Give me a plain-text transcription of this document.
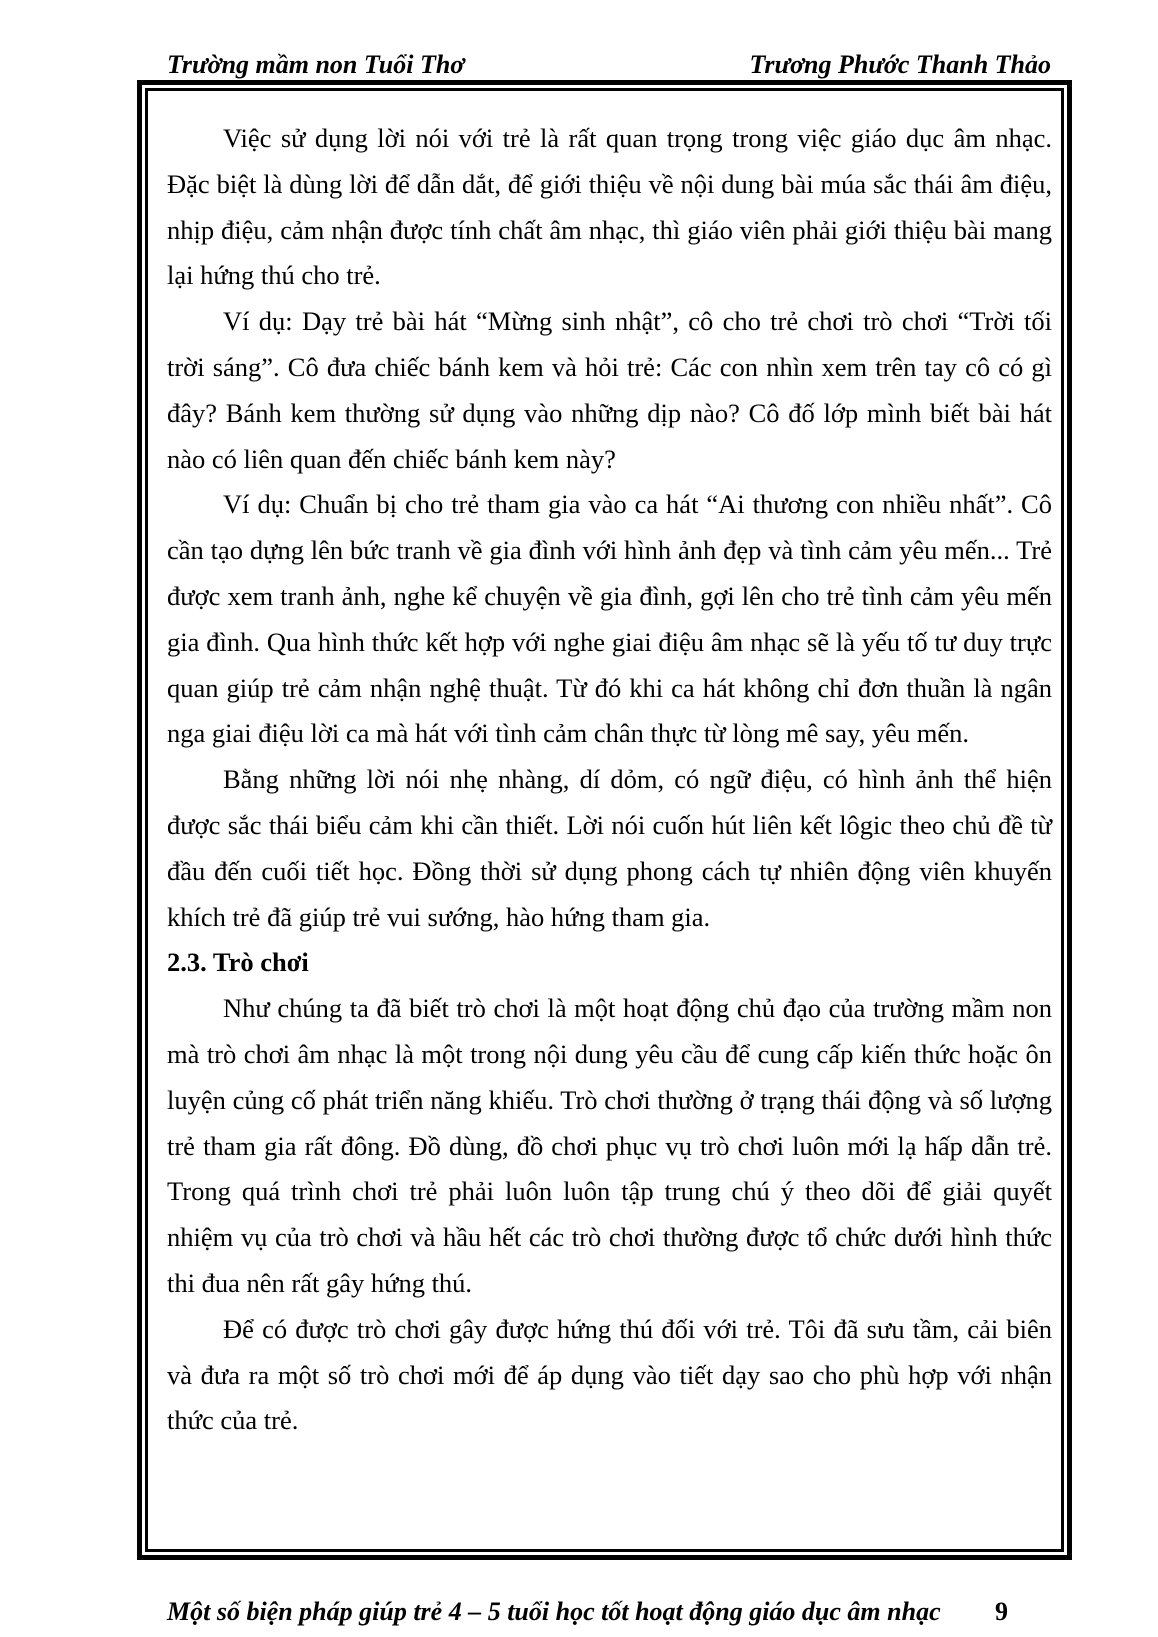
Trường mầm non Tuổi Thơ	Trương Phước Thanh Thảo

Việc sử dụng lời nói với trẻ là rất quan trọng trong việc giáo dục âm nhạc. Đặc biệt là dùng lời để dẫn dắt, để giới thiệu về nội dung bài múa sắc thái âm điệu, nhịp điệu, cảm nhận được tính chất âm nhạc, thì giáo viên phải giới thiệu bài mang lại hứng thú cho trẻ.

Ví dụ: Dạy trẻ bài hát “Mừng sinh nhật”, cô cho trẻ chơi trò chơi “Trời tối trời sáng”. Cô đưa chiếc bánh kem và hỏi trẻ: Các con nhìn xem trên tay cô có gì đây? Bánh kem thường sử dụng vào những dịp nào? Cô đố lớp mình biết bài hát nào có liên quan đến chiếc bánh kem này?

Ví dụ: Chuẩn bị cho trẻ tham gia vào ca hát “Ai thương con nhiều nhất”. Cô cần tạo dựng lên bức tranh về gia đình với hình ảnh đẹp và tình cảm yêu mến... Trẻ được xem tranh ảnh, nghe kể chuyện về gia đình, gợi lên cho trẻ tình cảm yêu mến gia đình. Qua hình thức kết hợp với nghe giai điệu âm nhạc sẽ là yếu tố tư duy trực quan giúp trẻ cảm nhận nghệ thuật. Từ đó khi ca hát không chỉ đơn thuần là ngân nga giai điệu lời ca mà hát với tình cảm chân thực từ lòng mê say, yêu mến.

Bằng những lời nói nhẹ nhàng, dí dỏm, có ngữ điệu, có hình ảnh thể hiện được sắc thái biểu cảm khi cần thiết. Lời nói cuốn hút liên kết lôgic theo chủ đề từ đầu đến cuối tiết học. Đồng thời sử dụng phong cách tự nhiên động viên khuyến khích trẻ đã giúp trẻ vui sướng, hào hứng tham gia.

2.3. Trò chơi

Như chúng ta đã biết trò chơi là một hoạt động chủ đạo của trường mầm non mà trò chơi âm nhạc là một trong nội dung yêu cầu để cung cấp kiến thức hoặc ôn luyện củng cố phát triển năng khiếu. Trò chơi thường ở trạng thái động và số lượng trẻ tham gia rất đông. Đồ dùng, đồ chơi phục vụ trò chơi luôn mới lạ hấp dẫn trẻ. Trong quá trình chơi trẻ phải luôn luôn tập trung chú ý theo dõi để giải quyết nhiệm vụ của trò chơi và hầu hết các trò chơi thường được tổ chức dưới hình thức thi đua nên rất gây hứng thú.

Để có được trò chơi gây được hứng thú đối với trẻ. Tôi đã sưu tầm, cải biên và đưa ra một số trò chơi mới để áp dụng vào tiết dạy sao cho phù hợp với nhận thức của trẻ.

Một số biện pháp giúp trẻ 4 – 5 tuổi học tốt hoạt động giáo dục âm nhạc 9
